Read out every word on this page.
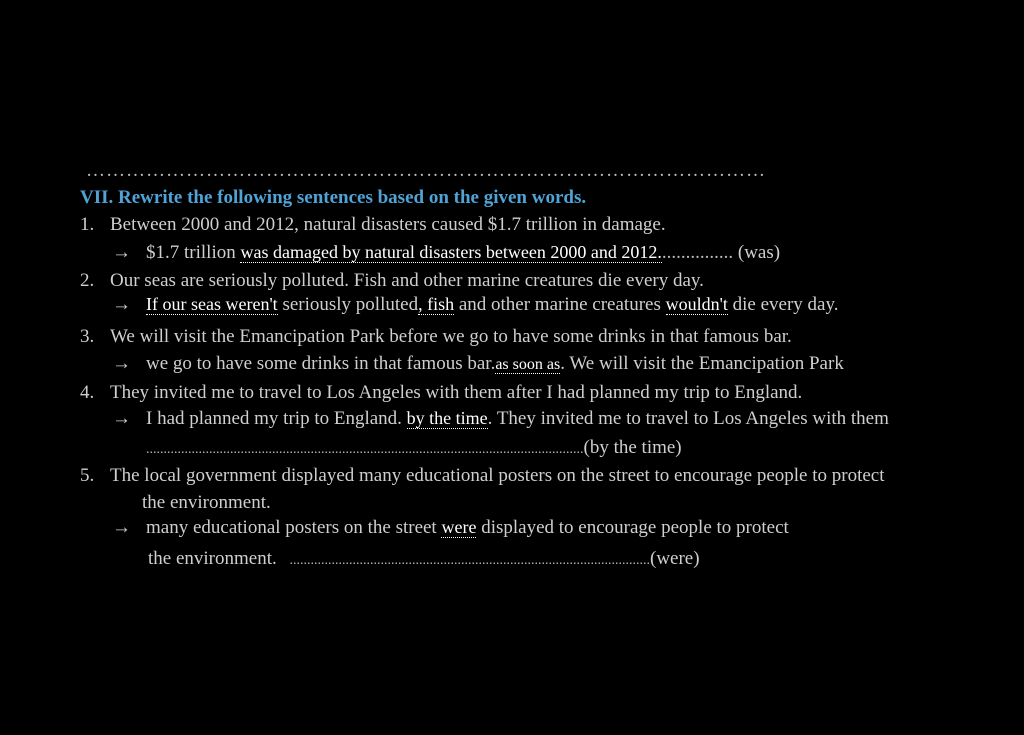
…………………………………………………………………………………………
VII. Rewrite the following sentences based on the given words.
1. Between 2000 and 2012, natural disasters caused $1.7 trillion in damage.
→ $1.7 trillion was damaged by natural disasters between 2000 and 2012................ (was)
2. Our seas are seriously polluted. Fish and other marine creatures die every day.
→ If our seas weren't seriously polluted, fish and other marine creatures wouldn't die every day.
3. We will visit the Emancipation Park before we go to have some drinks in that famous bar.
→ we go to have some drinks in that famous bar.as soon as. We will visit the Emancipation Park
4. They invited me to travel to Los Angeles with them after I had planned my trip to England.
→ I had planned my trip to England. by the time. They invited me to travel to Los Angeles with them
.............................................................................................................................(by the time)
5. The local government displayed many educational posters on the street to encourage people to protect
the environment.
→ many educational posters on the street were displayed to encourage people to protect
the environment. .......................................................................................................(were)
